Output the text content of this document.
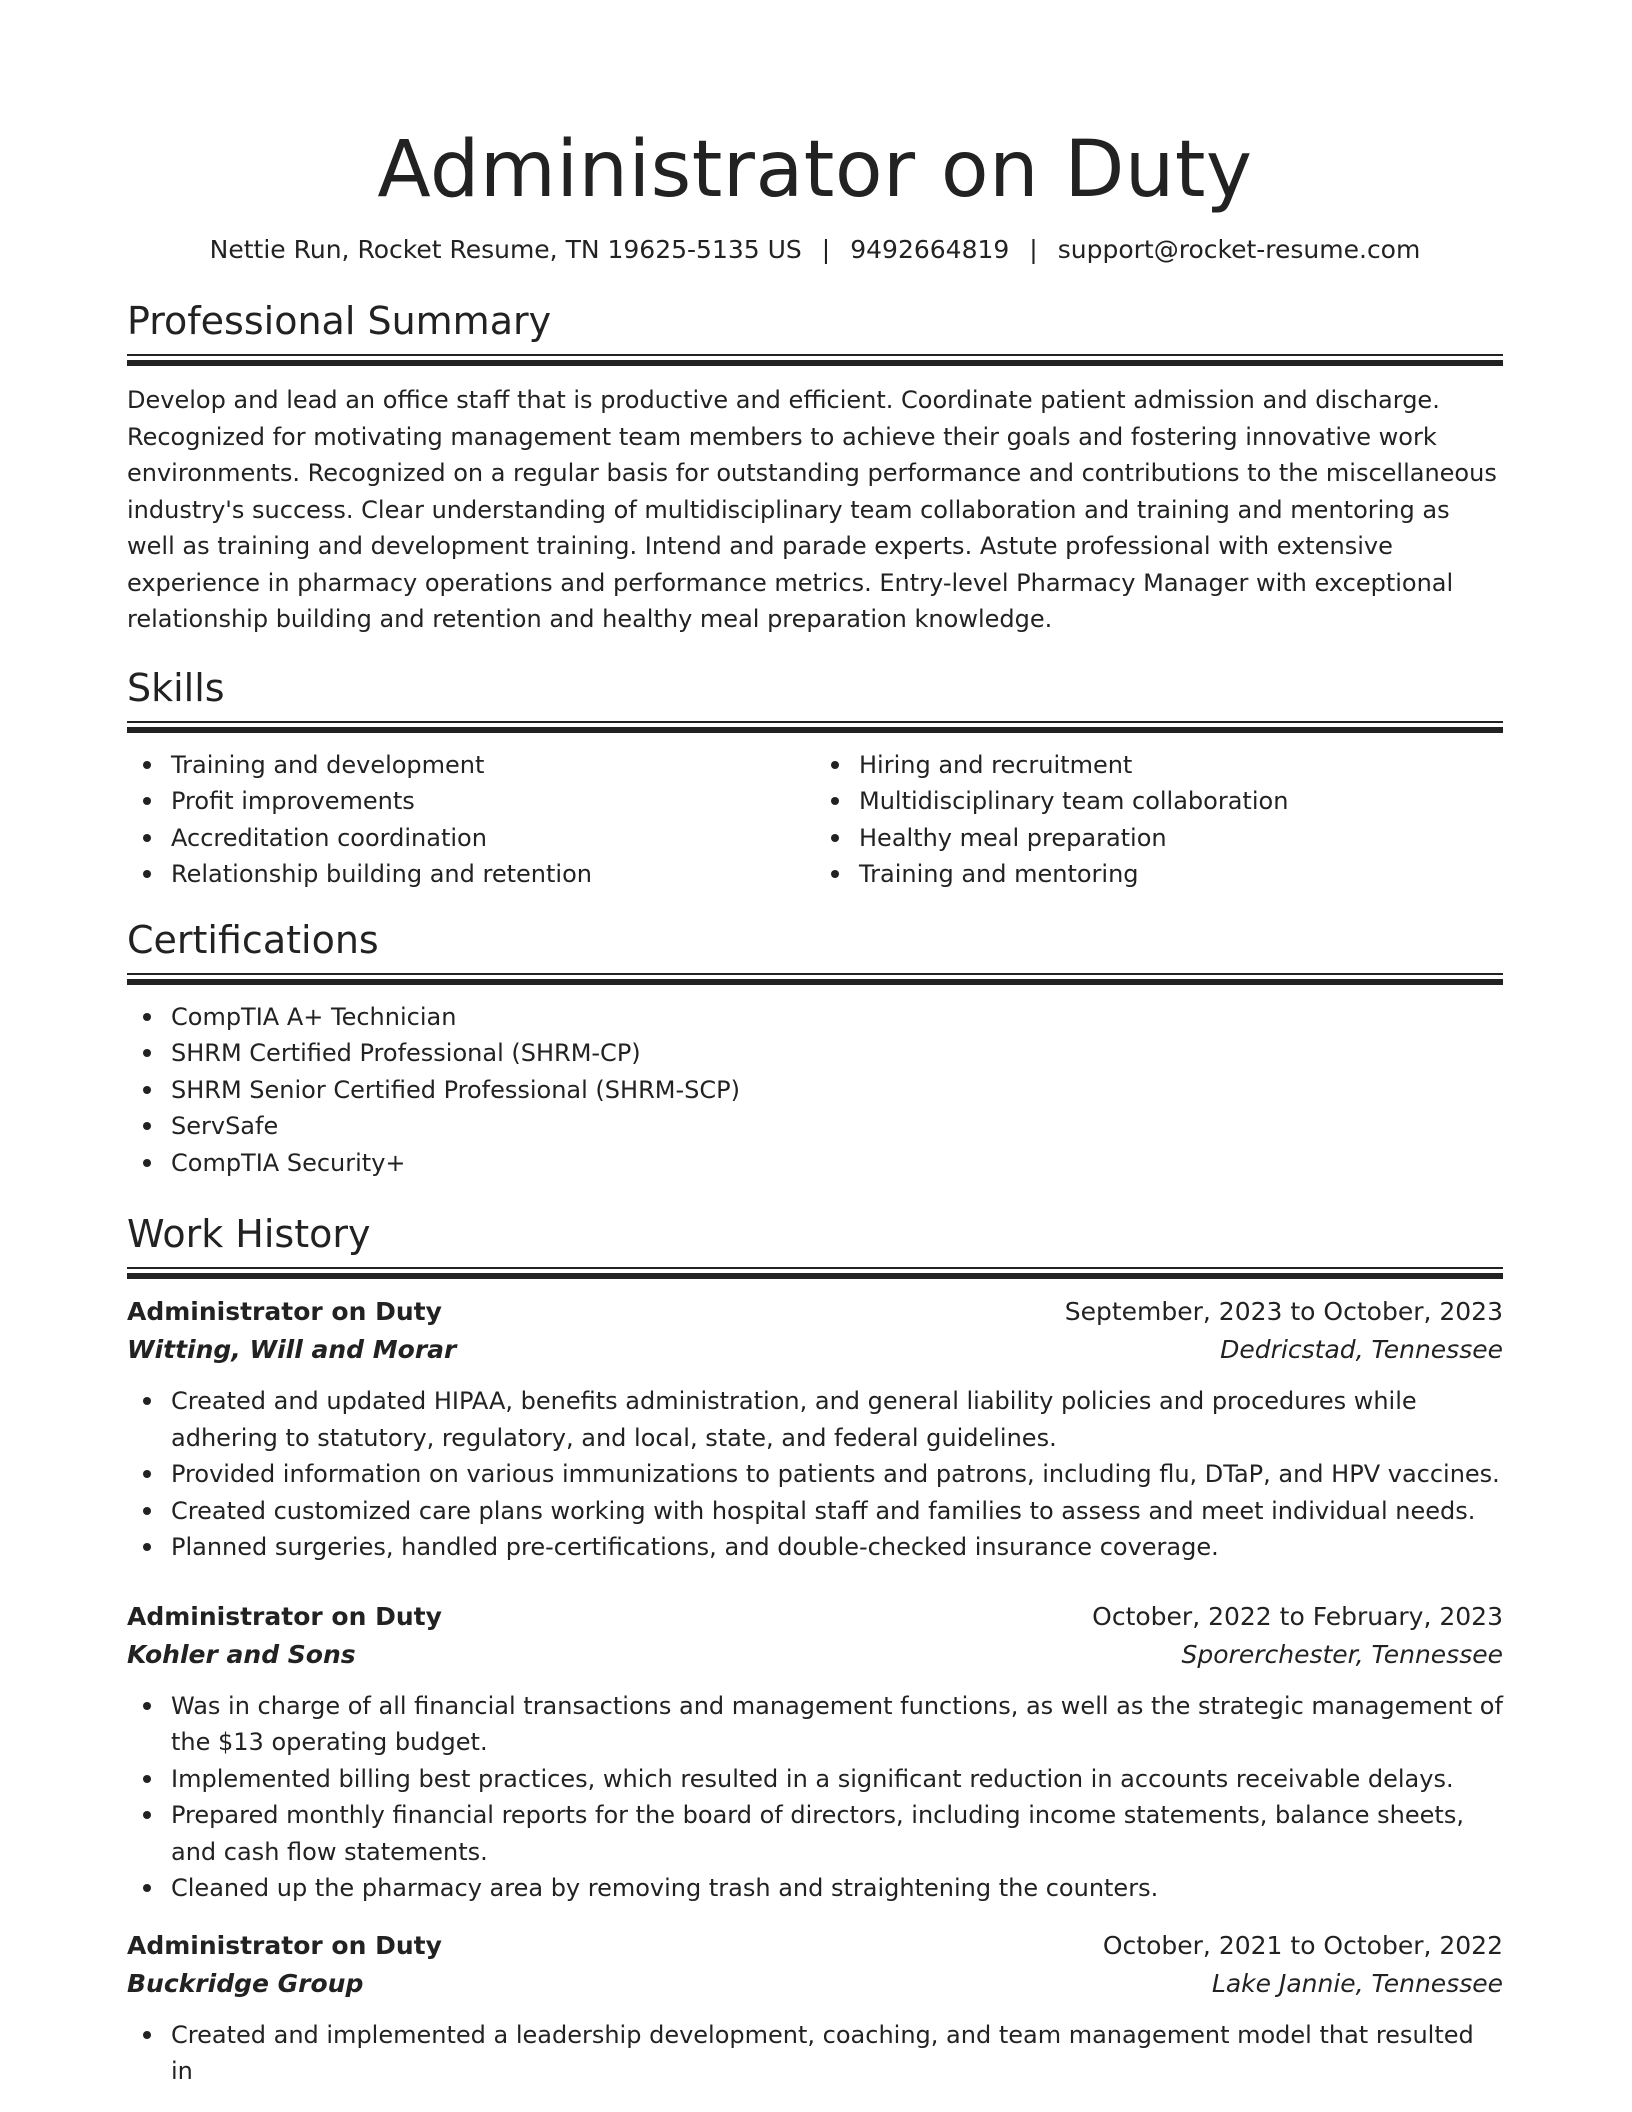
Administrator on Duty
Nettie Run, Rocket Resume, TN 19625-5135 US | 9492664819 | support@rocket-resume.com
Professional Summary

Develop and lead an office staff that is productive and efficient. Coordinate patient admission and discharge. Recognized for motivating management team members to achieve their goals and fostering innovative work environments. Recognized on a regular basis for outstanding performance and contributions to the miscellaneous industry's success. Clear understanding of multidisciplinary team collaboration and training and mentoring as well as training and development training. Intend and parade experts. Astute professional with extensive experience in pharmacy operations and performance metrics. Entry-level Pharmacy Manager with exceptional relationship building and retention and healthy meal preparation knowledge.

Skills
Training and development
Profit improvements
Accreditation coordination
Relationship building and retention
Hiring and recruitment
Multidisciplinary team collaboration
Healthy meal preparation
Training and mentoring
Certifications
CompTIA A+ Technician
SHRM Certified Professional (SHRM-CP)
SHRM Senior Certified Professional (SHRM-SCP)
ServSafe
CompTIA Security+
Work History
Administrator on Duty	September, 2023 to October, 2023
Witting, Will and Morar	Dedricstad, Tennessee
Created and updated HIPAA, benefits administration, and general liability policies and procedures while adhering to statutory, regulatory, and local, state, and federal guidelines.
Provided information on various immunizations to patients and patrons, including flu, DTaP, and HPV vaccines.
Created customized care plans working with hospital staff and families to assess and meet individual needs.
Planned surgeries, handled pre-certifications, and double-checked insurance coverage.
Administrator on Duty	October, 2022 to February, 2023
Kohler and Sons	Sporerchester, Tennessee
Was in charge of all financial transactions and management functions, as well as the strategic management of the $13 operating budget.
Implemented billing best practices, which resulted in a significant reduction in accounts receivable delays.
Prepared monthly financial reports for the board of directors, including income statements, balance sheets, and cash flow statements.
Cleaned up the pharmacy area by removing trash and straightening the counters.
Administrator on Duty	October, 2021 to October, 2022
Buckridge Group	Lake Jannie, Tennessee
Created and implemented a leadership development, coaching, and team management model that resulted in
